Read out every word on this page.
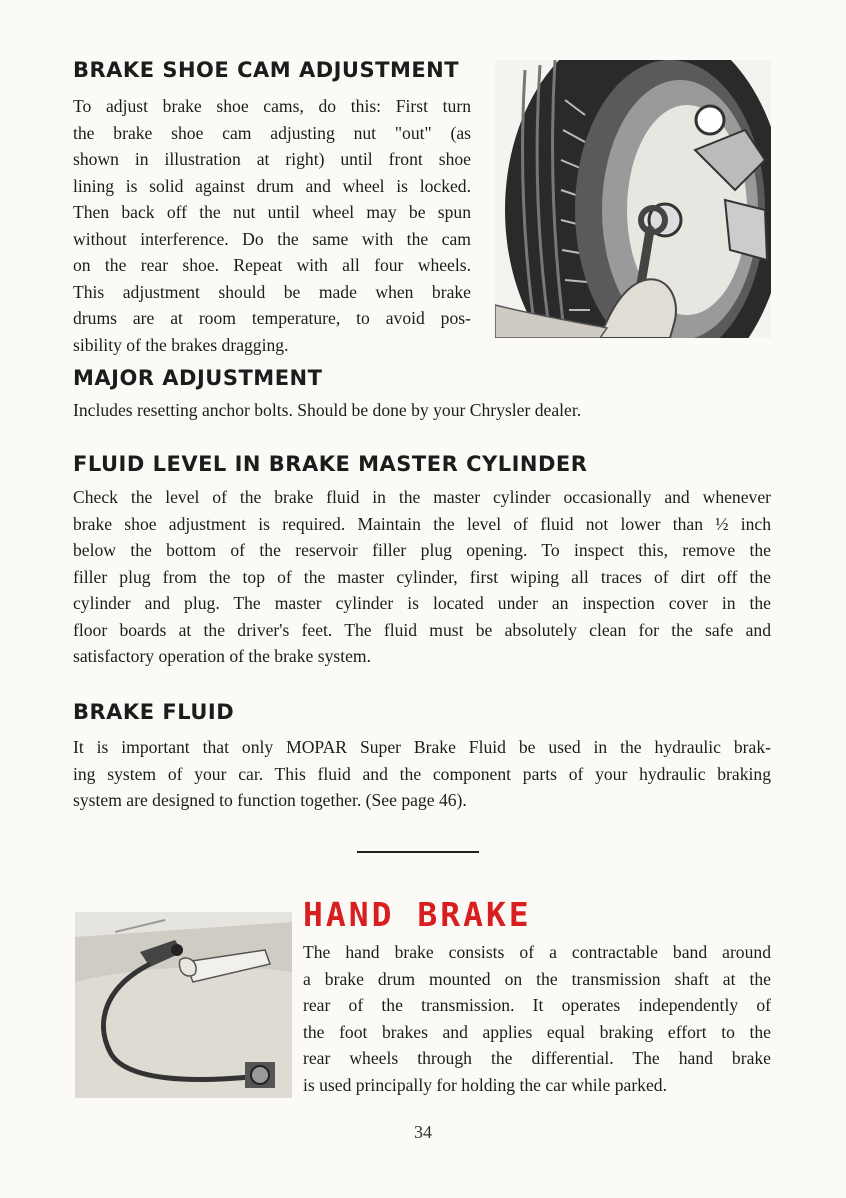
BRAKE SHOE CAM ADJUSTMENT
To adjust brake shoe cams, do this: First turn
the brake shoe cam adjusting nut "out" (as
shown in illustration at right) until front shoe
lining is solid against drum and wheel is locked.
Then back off the nut until wheel may be spun
without interference. Do the same with the cam
on the rear shoe. Repeat with all four wheels.
This adjustment should be made when brake
drums are at room temperature, to avoid pos-
sibility of the brakes dragging.
MAJOR ADJUSTMENT

Includes resetting anchor bolts. Should be done by your Chrysler dealer.

FLUID LEVEL IN BRAKE MASTER CYLINDER
Check the level of the brake fluid in the master cylinder occasionally and whenever
brake shoe adjustment is required. Maintain the level of fluid not lower than ½ inch
below the bottom of the reservoir filler plug opening. To inspect this, remove the
filler plug from the top of the master cylinder, first wiping all traces of dirt off the
cylinder and plug. The master cylinder is located under an inspection cover in the
floor boards at the driver's feet. The fluid must be absolutely clean for the safe and
satisfactory operation of the brake system.
BRAKE FLUID
It is important that only MOPAR Super Brake Fluid be used in the hydraulic brak-
ing system of your car. This fluid and the component parts of your hydraulic braking
system are designed to function together. (See page 46).
HAND BRAKE
The hand brake consists of a contractable band around
a brake drum mounted on the transmission shaft at the
rear of the transmission. It operates independently of
the foot brakes and applies equal braking effort to the
rear wheels through the differential. The hand brake
is used principally for holding the car while parked.
34
